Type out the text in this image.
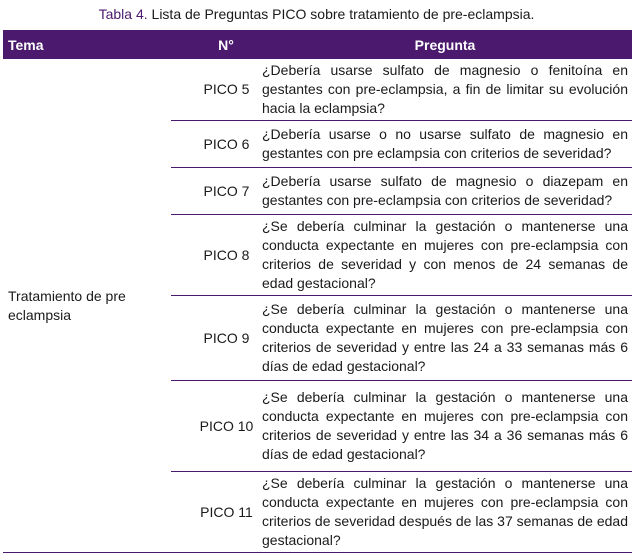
Tabla 4. Lista de Preguntas PICO sobre tratamiento de pre-eclampsia.
Tema	N°	Pregunta
Tratamiento de pre eclampsia	PICO 5	¿Debería usarse sulfato de magnesio o fenitoína en gestantes con pre-eclampsia, a fin de limitar su evolución hacia la eclampsia?
	PICO 6	¿Debería usarse o no usarse sulfato de magnesio en gestantes con pre eclampsia con criterios de severidad?
	PICO 7	¿Debería usarse sulfato de magnesio o diazepam en gestantes con pre-eclampsia con criterios de severidad?
	PICO 8	¿Se debería culminar la gestación o mantenerse una conducta expectante en mujeres con pre-eclampsia con criterios de severidad y con menos de 24 semanas de edad gestacional?
	PICO 9	¿Se debería culminar la gestación o mantenerse una conducta expectante en mujeres con pre-eclampsia con criterios de severidad y entre las 24 a 33 semanas más 6 días de edad gestacional?
	PICO 10	¿Se debería culminar la gestación o mantenerse una conducta expectante en mujeres con pre-eclampsia con criterios de severidad y entre las 34 a 36 semanas más 6 días de edad gestacional?
	PICO 11	¿Se debería culminar la gestación o mantenerse una conducta expectante en mujeres con pre-eclampsia con criterios de severidad después de las 37 semanas de edad gestacional?
